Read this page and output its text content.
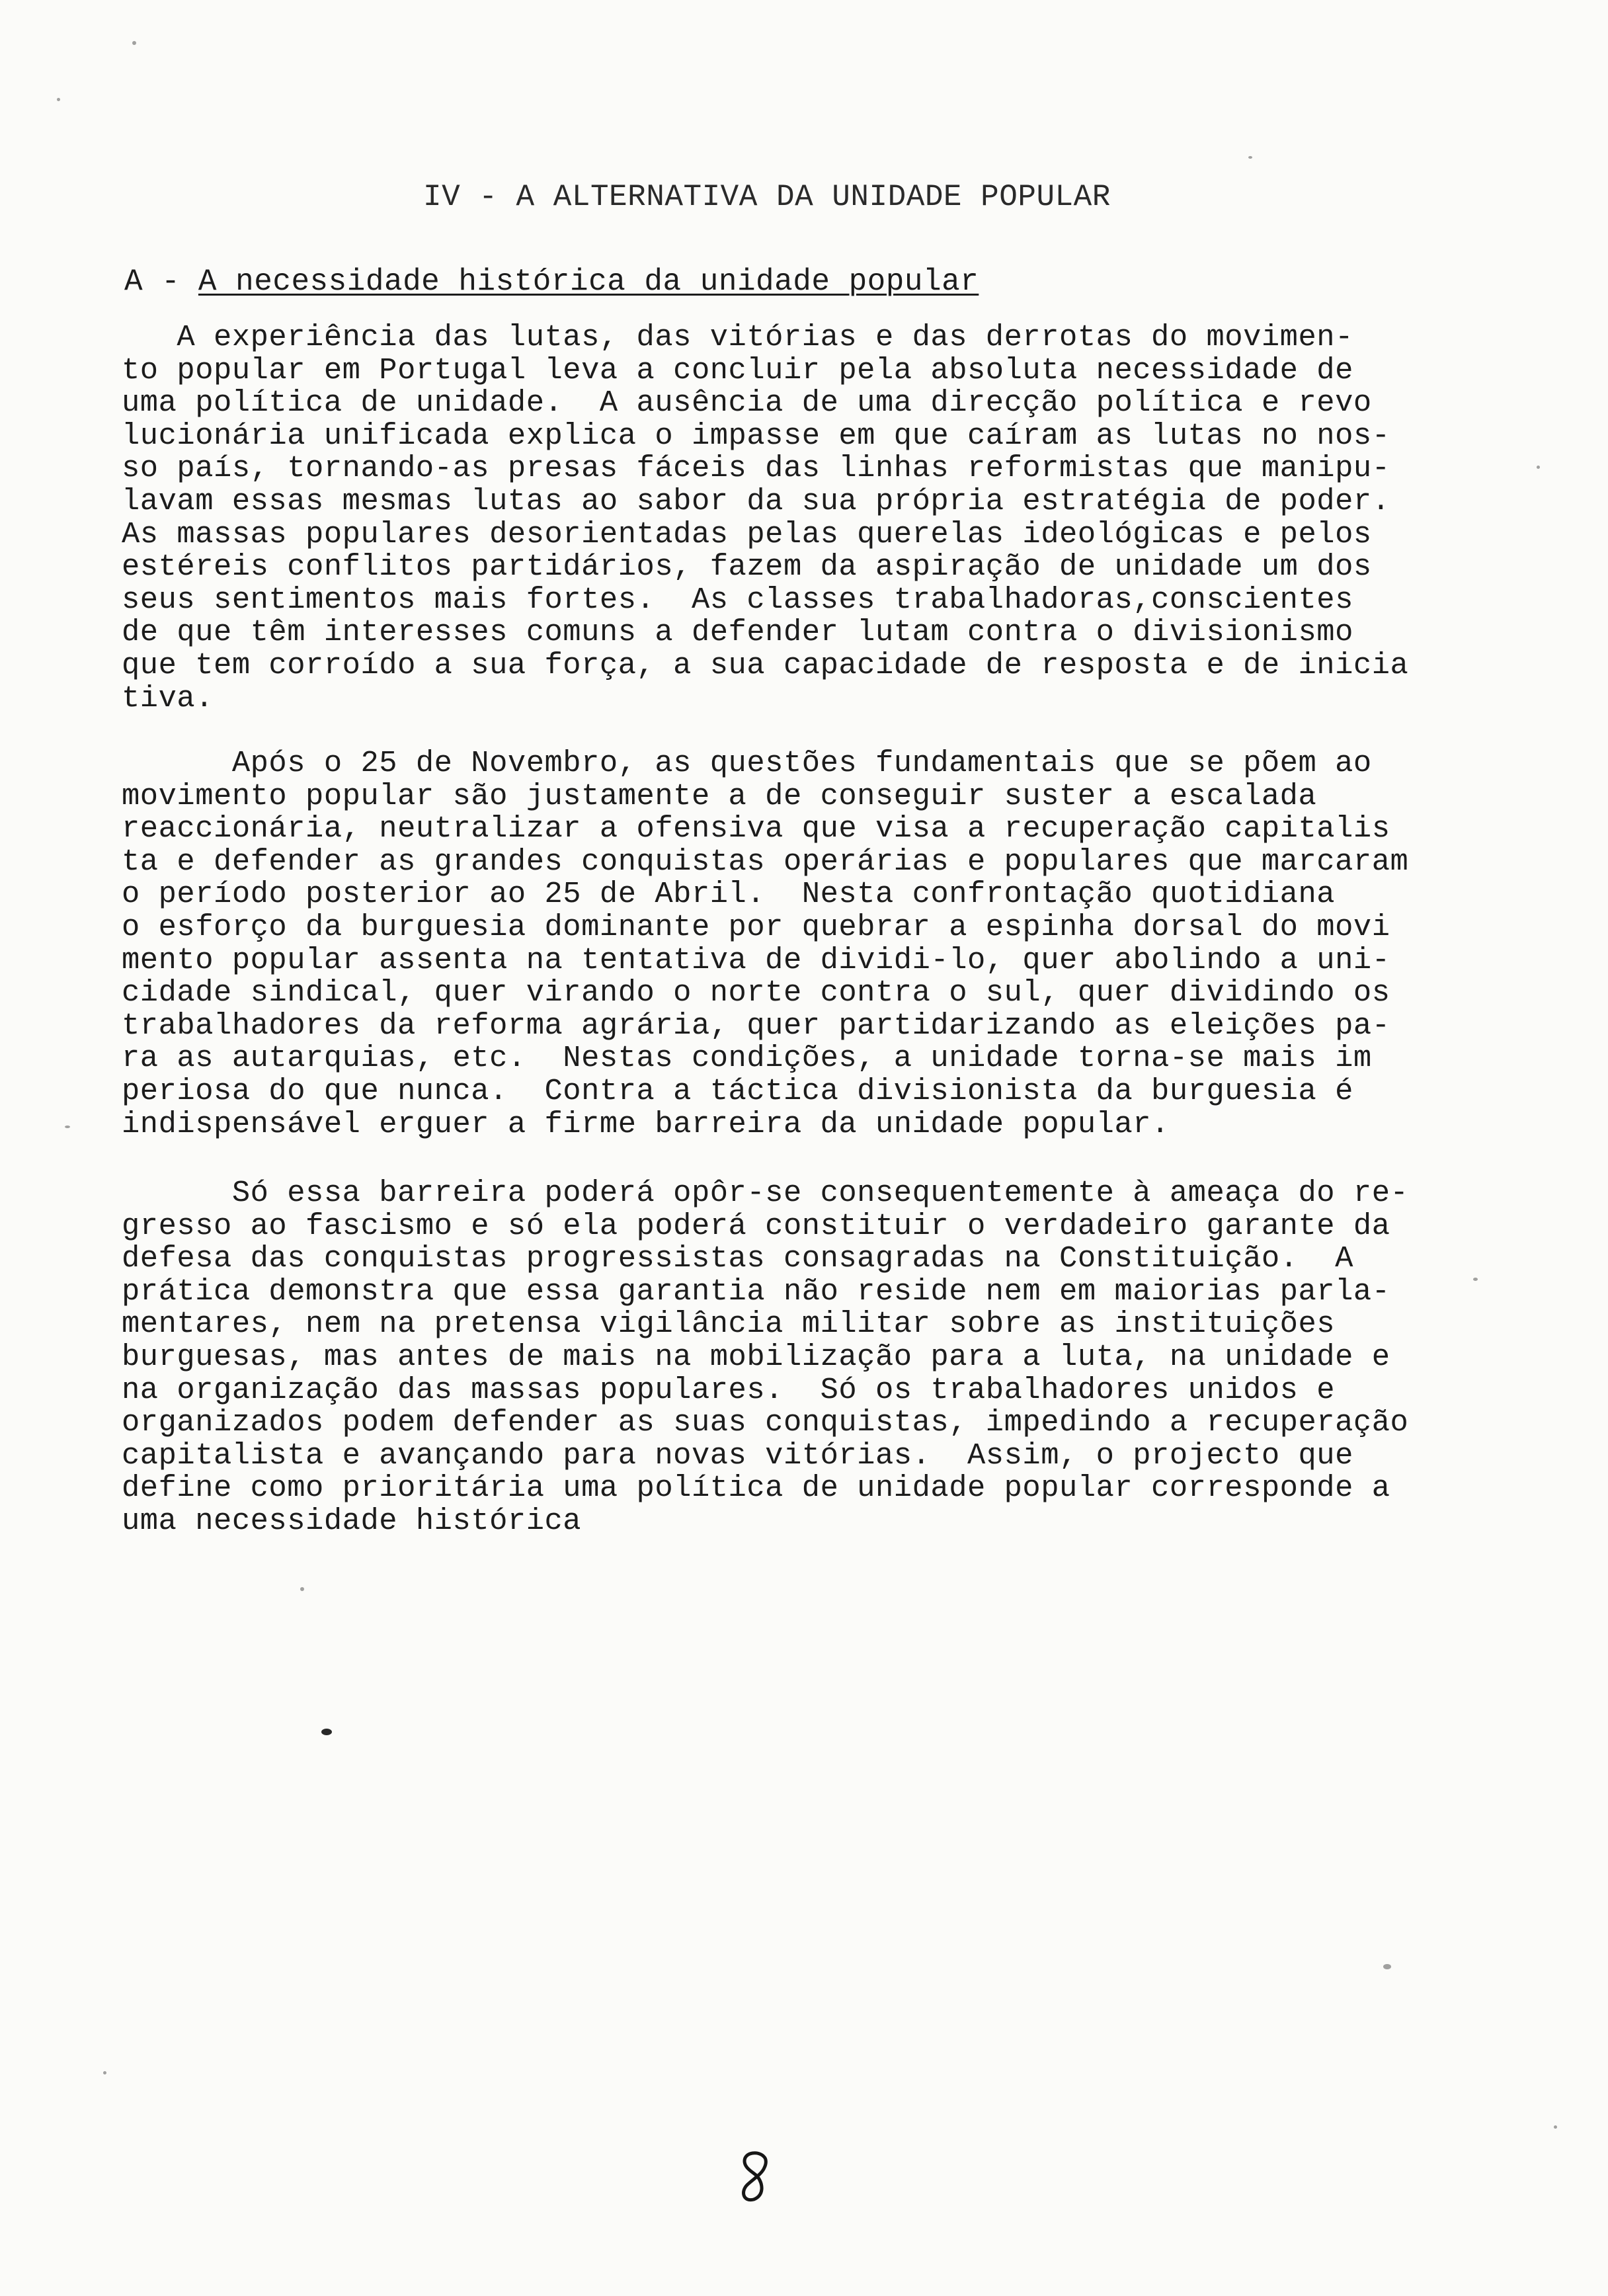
IV - A ALTERNATIVA DA UNIDADE POPULAR
A - A necessidade histórica da unidade popular
A experiência das lutas, das vitórias e das derrotas do movimen-
to popular em Portugal leva a concluir pela absoluta necessidade de
uma política de unidade.  A ausência de uma direcção política e revo
lucionária unificada explica o impasse em que caíram as lutas no nos-
so país, tornando-as presas fáceis das linhas reformistas que manipu-
lavam essas mesmas lutas ao sabor da sua própria estratégia de poder.
As massas populares desorientadas pelas querelas ideológicas e pelos
estéreis conflitos partidários, fazem da aspiração de unidade um dos
seus sentimentos mais fortes.  As classes trabalhadoras,conscientes
de que têm interesses comuns a defender lutam contra o divisionismo
que tem corroído a sua força, a sua capacidade de resposta e de inicia
tiva.
Após o 25 de Novembro, as questões fundamentais que se põem ao
movimento popular são justamente a de conseguir suster a escalada
reaccionária, neutralizar a ofensiva que visa a recuperação capitalis
ta e defender as grandes conquistas operárias e populares que marcaram
o período posterior ao 25 de Abril.  Nesta confrontação quotidiana
o esforço da burguesia dominante por quebrar a espinha dorsal do movi
mento popular assenta na tentativa de dividi-lo, quer abolindo a uni-
cidade sindical, quer virando o norte contra o sul, quer dividindo os
trabalhadores da reforma agrária, quer partidarizando as eleições pa-
ra as autarquias, etc.  Nestas condições, a unidade torna-se mais im
periosa do que nunca.  Contra a táctica divisionista da burguesia é
indispensável erguer a firme barreira da unidade popular.
Só essa barreira poderá opôr-se consequentemente à ameaça do re-
gresso ao fascismo e só ela poderá constituir o verdadeiro garante da
defesa das conquistas progressistas consagradas na Constituição.  A
prática demonstra que essa garantia não reside nem em maiorias parla-
mentares, nem na pretensa vigilância militar sobre as instituições
burguesas, mas antes de mais na mobilização para a luta, na unidade e
na organização das massas populares.  Só os trabalhadores unidos e
organizados podem defender as suas conquistas, impedindo a recuperação
capitalista e avançando para novas vitórias.  Assim, o projecto que
define como prioritária uma política de unidade popular corresponde a
uma necessidade histórica
